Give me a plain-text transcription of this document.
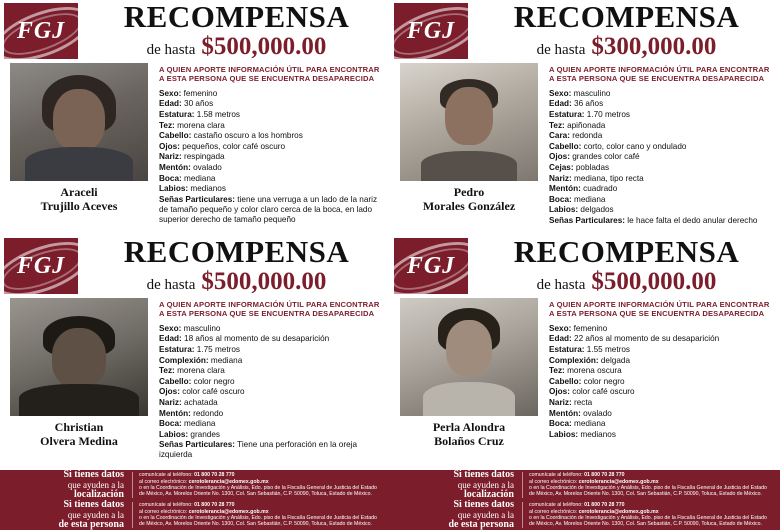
FGJ	RECOMPENSA
de hasta $500,000.00
Araceli
Trujillo Aceves
A QUIEN APORTE INFORMACIÓN ÚTIL PARA ENCONTRAR A ESTA PERSONA QUE SE ENCUENTRA DESAPARECIDA
Sexo: femenino
Edad: 30 años
Estatura: 1.58 metros
Tez: morena clara
Cabello: castaño oscuro a los hombros
Ojos: pequeños, color café oscuro
Nariz: respingada
Mentón: ovalado
Boca: mediana
Labios: medianos
Señas Particulares: tiene una verruga a un lado de la nariz de tamaño pequeño y color claro cerca de la boca, en lado superior derecho de tamaño pequeño
FGJ	RECOMPENSA
de hasta $300,000.00
Pedro
Morales González
A QUIEN APORTE INFORMACIÓN ÚTIL PARA ENCONTRAR A ESTA PERSONA QUE SE ENCUENTRA DESAPARECIDA
Sexo: masculino
Edad: 36 años
Estatura: 1.70 metros
Tez: apiñonada
Cara: redonda
Cabello: corto, color cano y ondulado
Ojos: grandes color café
Cejas: pobladas
Nariz: mediana, tipo recta
Mentón: cuadrado
Boca: mediana
Labios: delgados
Señas Particulares: le hace falta el dedo anular derecho
FGJ	RECOMPENSA
de hasta $500,000.00
Christian
Olvera Medina
A QUIEN APORTE INFORMACIÓN ÚTIL PARA ENCONTRAR A ESTA PERSONA QUE SE ENCUENTRA DESAPARECIDA
Sexo: masculino
Edad: 18 años al momento de su desaparición
Estatura: 1.75 metros
Complexión: mediana
Tez: morena clara
Cabello: color negro
Ojos: color café oscuro
Nariz: achatada
Mentón: redondo
Boca: mediana
Labios: grandes
Señas Particulares: Tiene una perforación en la oreja izquierda
FGJ	RECOMPENSA
de hasta $500,000.00
Perla Alondra
Bolaños Cruz
A QUIEN APORTE INFORMACIÓN ÚTIL PARA ENCONTRAR A ESTA PERSONA QUE SE ENCUENTRA DESAPARECIDA
Sexo: femenino
Edad: 22 años al momento de su desaparición
Estatura: 1.55 metros
Complexión: delgada
Tez: morena oscura
Cabello: color negro
Ojos: color café oscuro
Nariz: recta
Mentón: ovalado
Boca: mediana
Labios: medianos
Si tienes datos
que ayuden a la
localización
comunícate al teléfono: 01 800 70 28 770
al correo electrónico: cerotolerancia@edomex.gob.mx
o en la Coordinación de Investigación y Análisis, Edo. piso de la Fiscalía General de Justicia del Estado de México, Av. Morelos Oriente No. 1300, Col. San Sebastián, C.P. 50090, Toluca, Estado de México.
Si tienes datos
que ayuden a la
localización
comunícate al teléfono: 01 800 70 28 770
al correo electrónico: cerotolerancia@edomex.gob.mx
o en la Coordinación de Investigación y Análisis, Edo. piso de la Fiscalía General de Justicia del Estado de México, Av. Morelos Oriente No. 1300, Col. San Sebastián, C.P. 50090, Toluca, Estado de México.
Si tienes datos
que ayuden a la
de esta persona
comunícate al teléfono: 01 800 70 28 770
al correo electrónico: cerotolerancia@edomex.gob.mx
o en la Coordinación de Investigación y Análisis, Edo. piso de la Fiscalía General de Justicia del Estado de México, Av. Morelos Oriente No. 1300, Col. San Sebastián, C.P. 50090, Toluca, Estado de México.
Si tienes datos
que ayuden a la
de esta persona
comunícate al teléfono: 01 800 70 28 770
al correo electrónico: cerotolerancia@edomex.gob.mx
o en la Coordinación de Investigación y Análisis, Edo. piso de la Fiscalía General de Justicia del Estado de México, Av. Morelos Oriente No. 1300, Col. San Sebastián, C.P. 50090, Toluca, Estado de México.
